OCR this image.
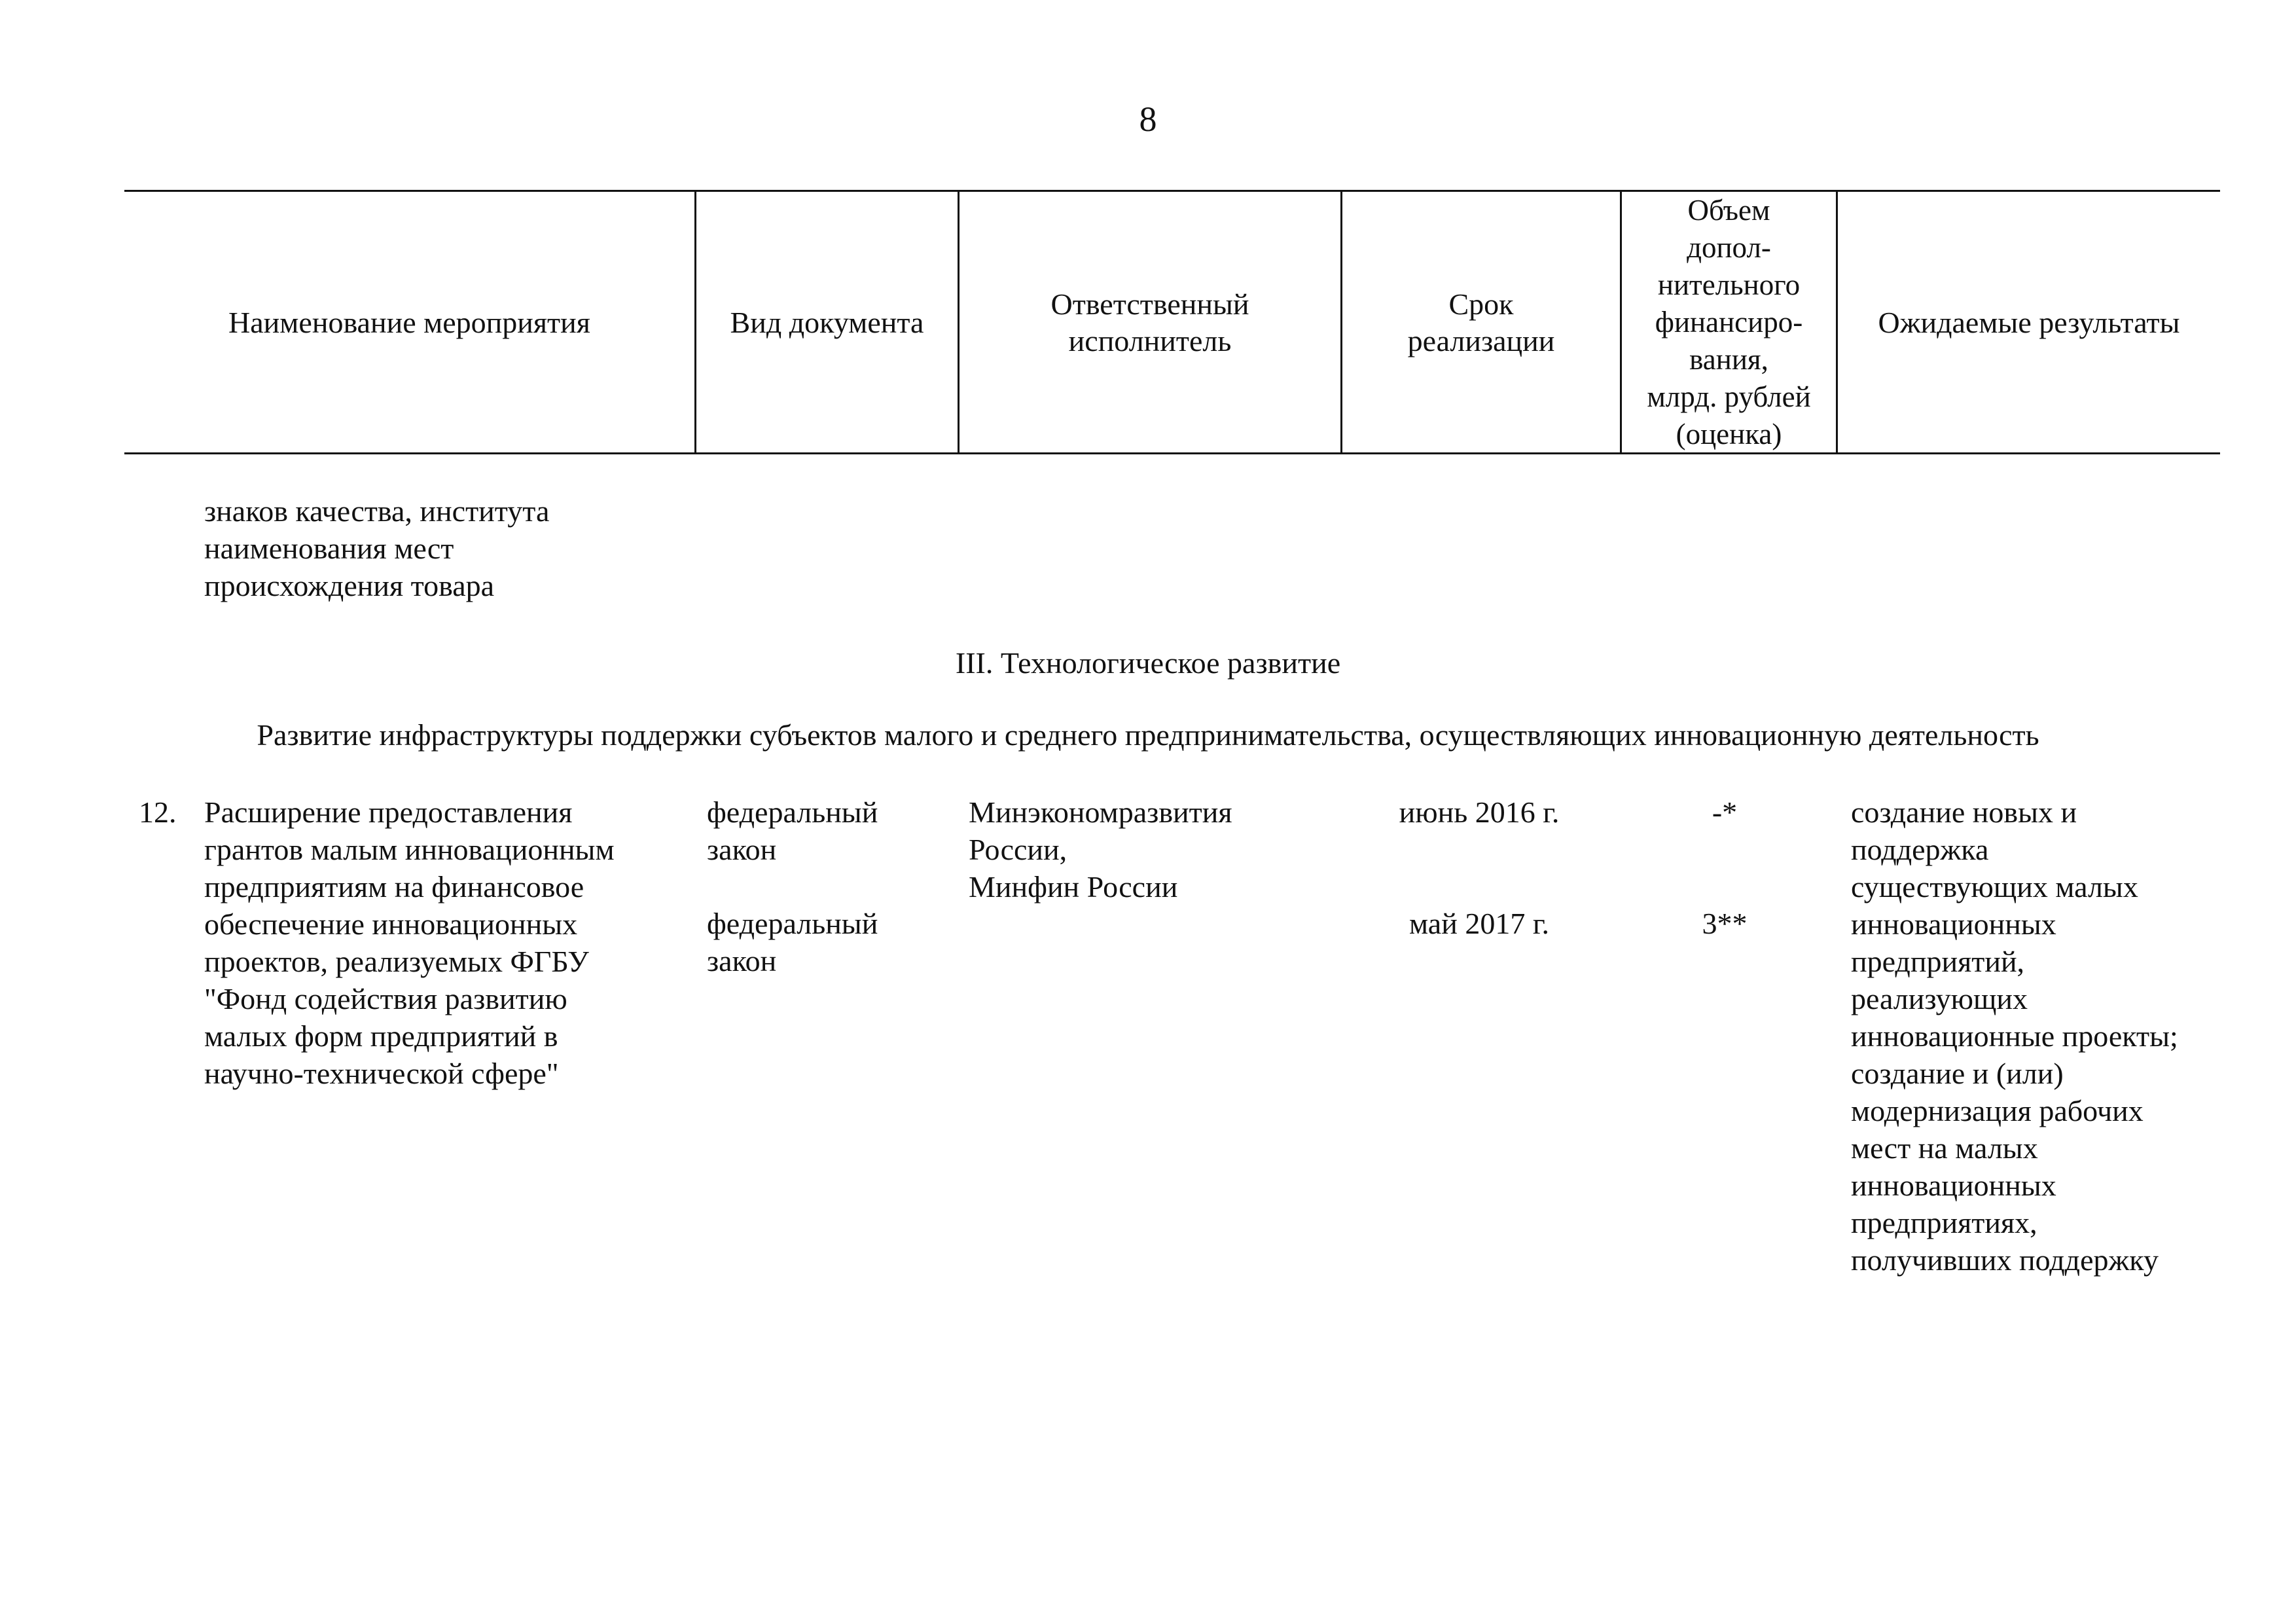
8
Наименование мероприятия	Вид документа
Ответственный
исполнитель
Срок
реализации
Объем
допол-
нительного
финансиро-
вания,
млрд. рублей
(оценка)
Ожидаемые результаты
знаков качества, института
наименования мест
происхождения товара
III. Технологическое развитие
Развитие инфраструктуры поддержки субъектов малого и среднего предпринимательства, осуществляющих инновационную деятельность
12. Расширение предоставления
грантов малым инновационным
предприятиям на финансовое
обеспечение инновационных
проектов, реализуемых ФГБУ
"Фонд содействия развитию
малых форм предприятий в
научно-технической сфере"
федеральный
закон
федеральный
закон
Минэкономразвития
России,
Минфин России
июнь 2016 г.
май 2017 г.
-*
3**
создание новых и
поддержка
существующих малых
инновационных
предприятий,
реализующих
инновационные проекты;
создание и (или)
модернизация рабочих
мест на малых
инновационных
предприятиях,
получивших поддержку
